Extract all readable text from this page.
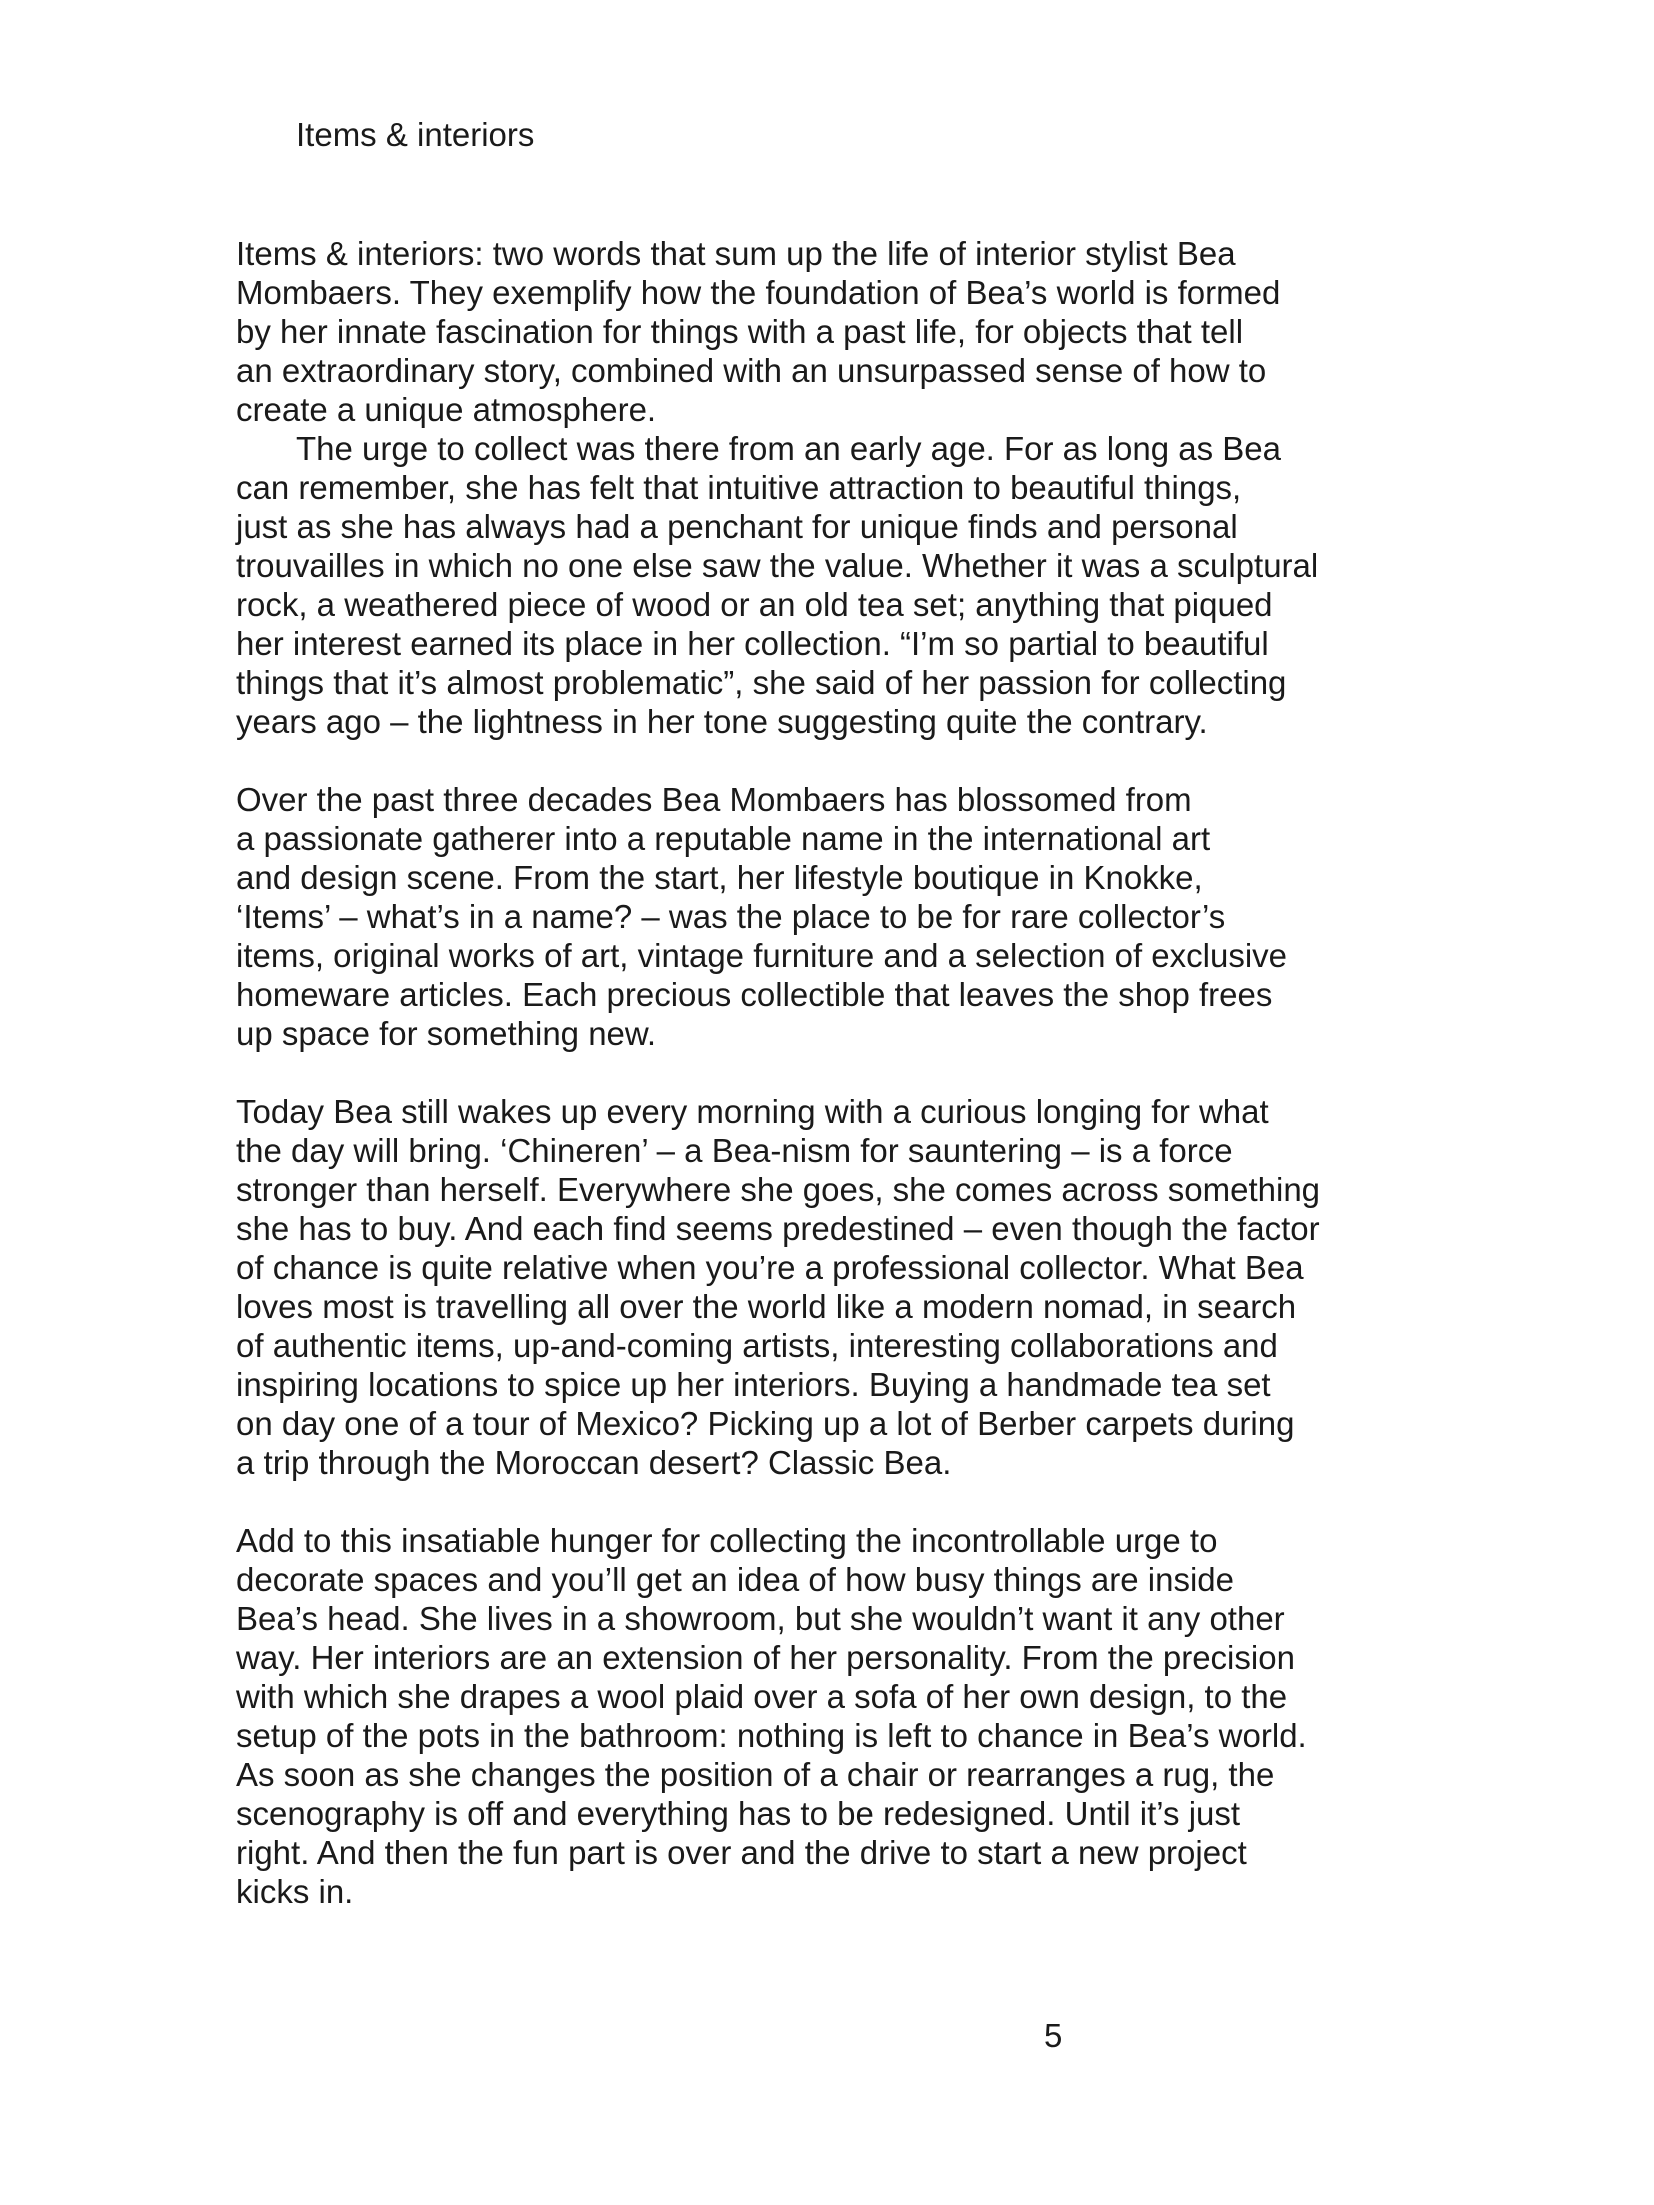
Items & interiors
Items & interiors: two words that sum up the life of interior stylist Bea
Mombaers. They exemplify how the foundation of Bea’s world is formed
by her innate fascination for things with a past life, for objects that tell
an extraordinary story, combined with an unsurpassed sense of how to
create a unique atmosphere.
The urge to collect was there from an early age. For as long as Bea
can remember, she has felt that intuitive attraction to beautiful things,
just as she has always had a penchant for unique finds and personal
trouvailles in which no one else saw the value. Whether it was a sculptural
rock, a weathered piece of wood or an old tea set; anything that piqued
her interest earned its place in her collection. “I’m so partial to beautiful
things that it’s almost problematic”, she said of her passion for collecting
years ago – the lightness in her tone suggesting quite the contrary.
Over the past three decades Bea Mombaers has blossomed from
a passionate gatherer into a reputable name in the international art
and design scene. From the start, her lifestyle boutique in Knokke,
‘Items’ – what’s in a name? – was the place to be for rare collector’s
items, original works of art, vintage furniture and a selection of exclusive
homeware articles. Each precious collectible that leaves the shop frees
up space for something new.
Today Bea still wakes up every morning with a curious longing for what
the day will bring. ‘Chineren’ – a Bea-nism for sauntering – is a force
stronger than herself. Everywhere she goes, she comes across something
she has to buy. And each find seems predestined – even though the factor
of chance is quite relative when you’re a professional collector. What Bea
loves most is travelling all over the world like a modern nomad, in search
of authentic items, up-and-coming artists, interesting collaborations and
inspiring locations to spice up her interiors. Buying a handmade tea set
on day one of a tour of Mexico? Picking up a lot of Berber carpets during
a trip through the Moroccan desert? Classic Bea.
Add to this insatiable hunger for collecting the incontrollable urge to
decorate spaces and you’ll get an idea of how busy things are inside
Bea’s head. She lives in a showroom, but she wouldn’t want it any other
way. Her interiors are an extension of her personality. From the precision
with which she drapes a wool plaid over a sofa of her own design, to the
setup of the pots in the bathroom: nothing is left to chance in Bea’s world.
As soon as she changes the position of a chair or rearranges a rug, the
scenography is off and everything has to be redesigned. Until it’s just
right. And then the fun part is over and the drive to start a new project
kicks in.
5
